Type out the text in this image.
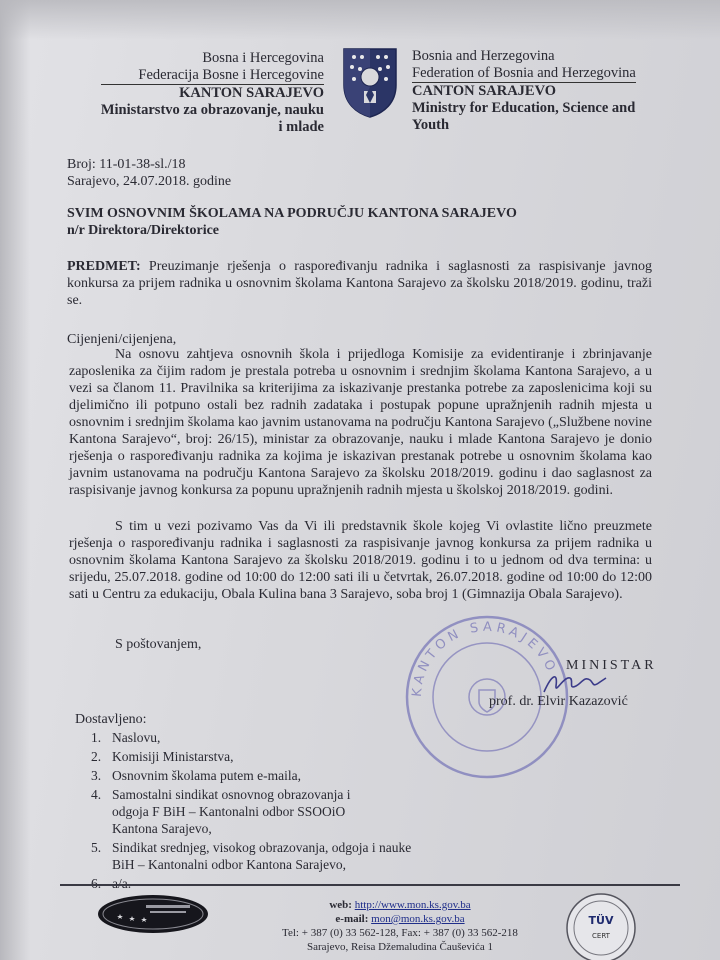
Bosna i Hercegovina
Federacija Bosne i Hercegovine
KANTON SARAJEVO
Ministarstvo za obrazovanje, nauku
i mlade
Bosnia and Herzegovina
Federation of Bosnia and Herzegovina
CANTON SARAJEVO
Ministry for Education, Science and
Youth
Broj: 11-01-38-sl./18
Sarajevo, 24.07.2018. godine
SVIM OSNOVNIM ŠKOLAMA NA PODRUČJU KANTONA SARAJEVO
n/r Direktora/Direktorice
PREDMET: Preuzimanje rješenja o raspoređivanju radnika i saglasnosti za raspisivanje javnog konkursa za prijem radnika u osnovnim školama Kantona Sarajevo za školsku 2018/2019. godinu, traži se.
Cijenjeni/cijenjena,

Na osnovu zahtjeva osnovnih škola i prijedloga Komisije za evidentiranje i zbrinjavanje zaposlenika za čijim radom je prestala potreba u osnovnim i srednjim školama Kantona Sarajevo, a u vezi sa članom 11. Pravilnika sa kriterijima za iskazivanje prestanka potrebe za zaposlenicima koji su djelimično ili potpuno ostali bez radnih zadataka i postupak popune upražnjenih radnih mjesta u osnovnim i srednjim školama kao javnim ustanovama na području Kantona Sarajevo („Službene novine Kantona Sarajevo“, broj: 26/15), ministar za obrazovanje, nauku i mlade Kantona Sarajevo je donio rješenja o raspoređivanju radnika za kojima je iskazivan prestanak potrebe u osnovnim školama kao javnim ustanovama na području Kantona Sarajevo za školsku 2018/2019. godinu i dao saglasnost za raspisivanje javnog konkursa za popunu upražnjenih radnih mjesta u školskoj 2018/2019. godini.

S tim u vezi pozivamo Vas da Vi ili predstavnik škole kojeg Vi ovlastite lično preuzmete rješenja o raspoređivanju radnika i saglasnosti za raspisivanje javnog konkursa za prijem radnika u osnovnim školama Kantona Sarajevo za školsku 2018/2019. godinu i to u jednom od dva termina: u srijedu, 25.07.2018. godine od 10:00 do 12:00 sati ili u četvrtak, 26.07.2018. godine od 10:00 do 12:00 sati u Centru za edukaciju, Obala Kulina bana 3 Sarajevo, soba broj 1 (Gimnazija Obala Sarajevo).

S poštovanjem,
KANTON SARAJEVO MINISTAR
prof. dr. Elvir Kazazović
Dostavljeno:
1. Naslovu,
2. Komisiji Ministarstva,
3. Osnovnim školama putem e-maila,
4. Samostalni sindikat osnovnog obrazovanja i odgoja F BiH – Kantonalni odbor SSOOiO Kantona Sarajevo,
5. Sindikat srednjeg, visokog obrazovanja, odgoja i nauke BiH – Kantonalni odbor Kantona Sarajevo,
6. a/a.
web: http://www.mon.ks.gov.ba
e-mail: mon@mon.ks.gov.ba
Tel: + 387 (0) 33 562-128, Fax: + 387 (0) 33 562-218
Sarajevo, Reisa Džemaludina Čauševića 1
TÜV
CERT
